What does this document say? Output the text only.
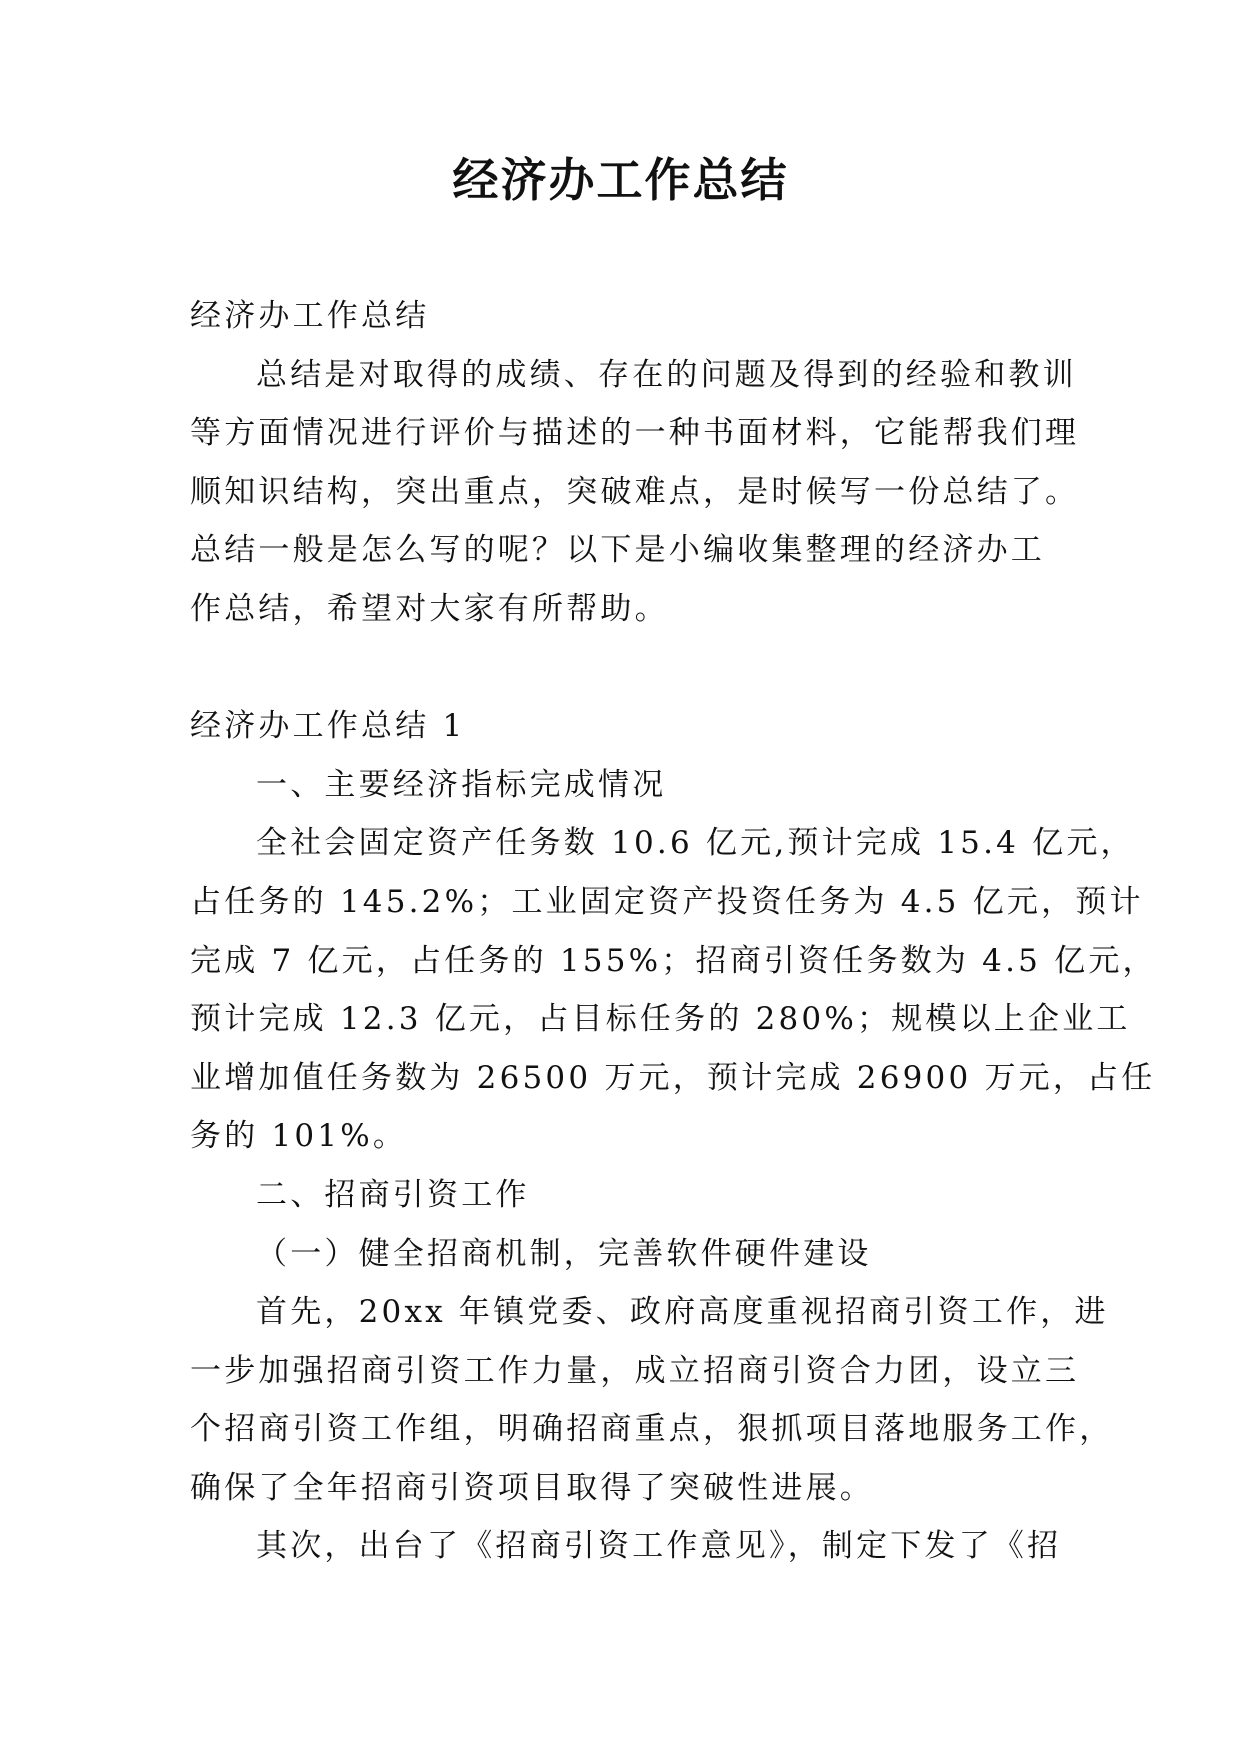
经济办工作总结
经济办工作总结
总结是对取得的成绩、存在的问题及得到的经验和教训
等方面情况进行评价与描述的一种书面材料，它能帮我们理
顺知识结构，突出重点，突破难点，是时候写一份总结了。
总结一般是怎么写的呢？以下是小编收集整理的经济办工
作总结，希望对大家有所帮助。
经济办工作总结 1
一、主要经济指标完成情况
全社会固定资产任务数 10.6 亿元,预计完成 15.4 亿元，
占任务的 145.2%；工业固定资产投资任务为 4.5 亿元，预计
完成 7 亿元，占任务的 155%；招商引资任务数为 4.5 亿元，
预计完成 12.3 亿元，占目标任务的 280%；规模以上企业工
业增加值任务数为 26500 万元，预计完成 26900 万元，占任
务的 101%。
二、招商引资工作
（一）健全招商机制，完善软件硬件建设
首先，20xx 年镇党委、政府高度重视招商引资工作，进
一步加强招商引资工作力量，成立招商引资合力团，设立三
个招商引资工作组，明确招商重点，狠抓项目落地服务工作，
确保了全年招商引资项目取得了突破性进展。
其次，出台了《招商引资工作意见》，制定下发了《招
